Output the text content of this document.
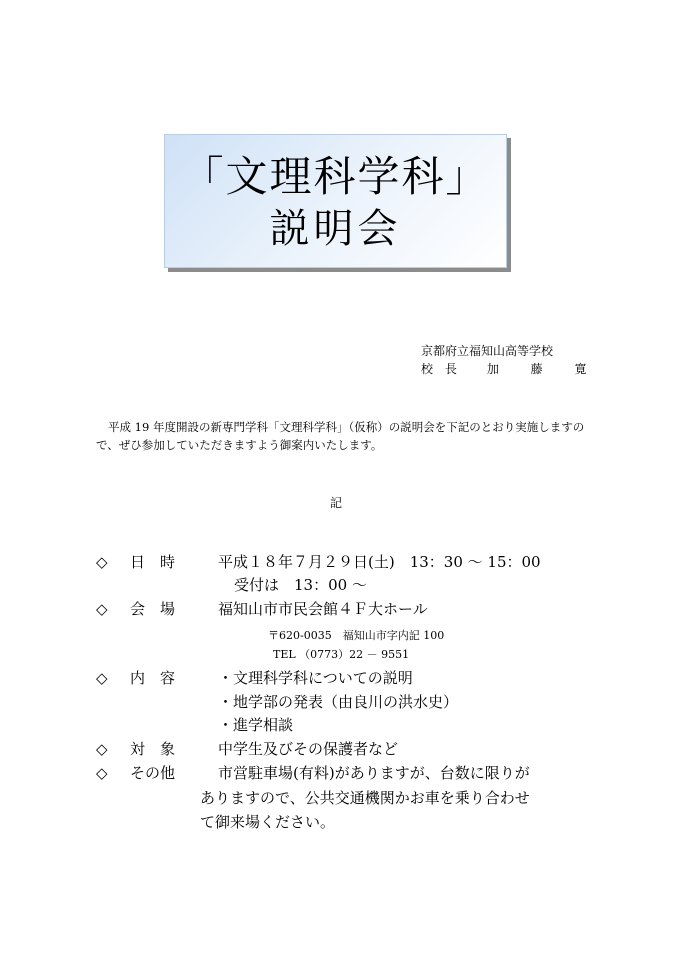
「文理科学科」
説明会
京都府立福知山高等学校
校 長 加 藤 寛
平成 19 年度開設の新専門学科「文理科学科」（仮称）の説明会を下記のとおり実施しますので、ぜひ参加していただきますよう御案内いたします。
記
◇ 日　時	平成１８年７月２９日(土)　13：30 〜 15：00
受付は　13：00 〜
◇ 会　場	福知山市市民会館４Ｆ大ホール
〒620-0035　福知山市字内記 100
TEL （0773）22 － 9551
◇ 内　容	・文理科学科についての説明
・地学部の発表（由良川の洪水史）
・進学相談
◇ 対　象	中学生及びその保護者など
◇ その他	市営駐車場(有料)がありますが、台数に限りが
ありますので、公共交通機関かお車を乗り合わせ
て御来場ください。
